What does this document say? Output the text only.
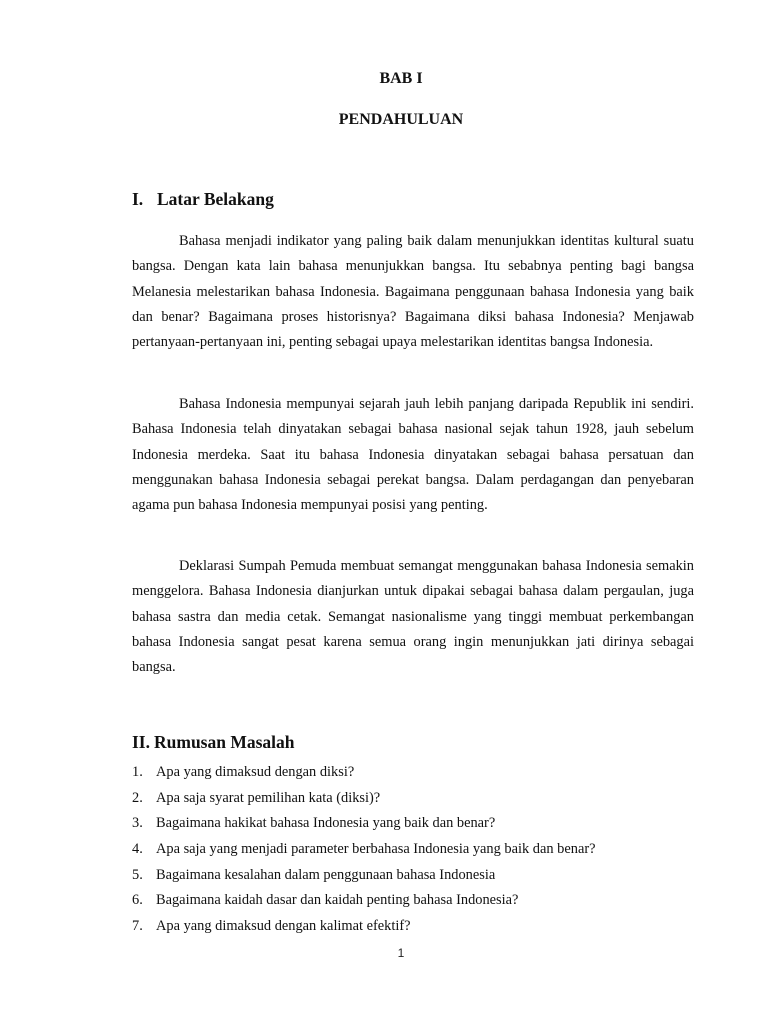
BAB I
PENDAHULUAN
I. Latar Belakang

Bahasa menjadi indikator yang paling baik dalam menunjukkan identitas kultural suatu bangsa. Dengan kata lain bahasa menunjukkan bangsa. Itu sebabnya penting bagi bangsa Melanesia melestarikan bahasa Indonesia. Bagaimana penggunaan bahasa Indonesia yang baik dan benar? Bagaimana proses historisnya? Bagaimana diksi bahasa Indonesia? Menjawab pertanyaan-pertanyaan ini, penting sebagai upaya melestarikan identitas bangsa Indonesia.

Bahasa Indonesia mempunyai sejarah jauh lebih panjang daripada Republik ini sendiri. Bahasa Indonesia telah dinyatakan sebagai bahasa nasional sejak tahun 1928, jauh sebelum Indonesia merdeka. Saat itu bahasa Indonesia dinyatakan sebagai bahasa persatuan dan menggunakan bahasa Indonesia sebagai perekat bangsa. Dalam perdagangan dan penyebaran agama pun bahasa Indonesia mempunyai posisi yang penting.

Deklarasi Sumpah Pemuda membuat semangat menggunakan bahasa Indonesia semakin menggelora. Bahasa Indonesia dianjurkan untuk dipakai sebagai bahasa dalam pergaulan, juga bahasa sastra dan media cetak. Semangat nasionalisme yang tinggi membuat perkembangan bahasa Indonesia sangat pesat karena semua orang ingin menunjukkan jati dirinya sebagai bangsa.

II. Rumusan Masalah
1. Apa yang dimaksud dengan diksi?
2. Apa saja syarat pemilihan kata (diksi)?
3. Bagaimana hakikat bahasa Indonesia yang baik dan benar?
4. Apa saja yang menjadi parameter berbahasa Indonesia yang baik dan benar?
5. Bagaimana kesalahan dalam penggunaan bahasa Indonesia
6. Bagaimana kaidah dasar dan kaidah penting bahasa Indonesia?
7. Apa yang dimaksud dengan kalimat efektif?
1
